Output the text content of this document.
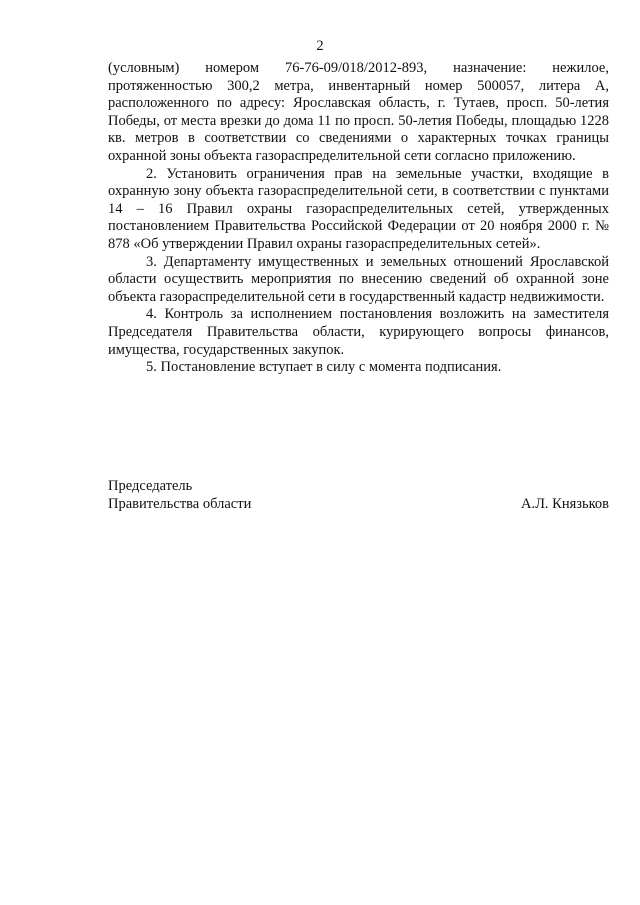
2

(условным) номером 76-76-09/018/2012-893, назначение: нежилое, протяженностью 300,2 метра, инвентарный номер 500057, литера А, расположенного по адресу: Ярославская область, г. Тутаев, просп. 50-летия Победы, от места врезки до дома 11 по просп. 50-летия Победы, площадью 1228 кв. метров в соответствии со сведениями о характерных точках границы охранной зоны объекта газораспределительной сети согласно приложению.

2. Установить ограничения прав на земельные участки, входящие в охранную зону объекта газораспределительной сети, в соответствии с пунктами 14 – 16 Правил охраны газораспределительных сетей, утвержденных постановлением Правительства Российской Федерации от 20 ноября 2000 г. № 878 «Об утверждении Правил охраны газораспределительных сетей».

3. Департаменту имущественных и земельных отношений Ярославской области осуществить мероприятия по внесению сведений об охранной зоне объекта газораспределительной сети в государственный кадастр недвижимости.

4. Контроль за исполнением постановления возложить на заместителя Председателя Правительства области, курирующего вопросы финансов, имущества, государственных закупок.

5. Постановление вступает в силу с момента подписания.

Председатель
Правительства области	А.Л. Князьков
